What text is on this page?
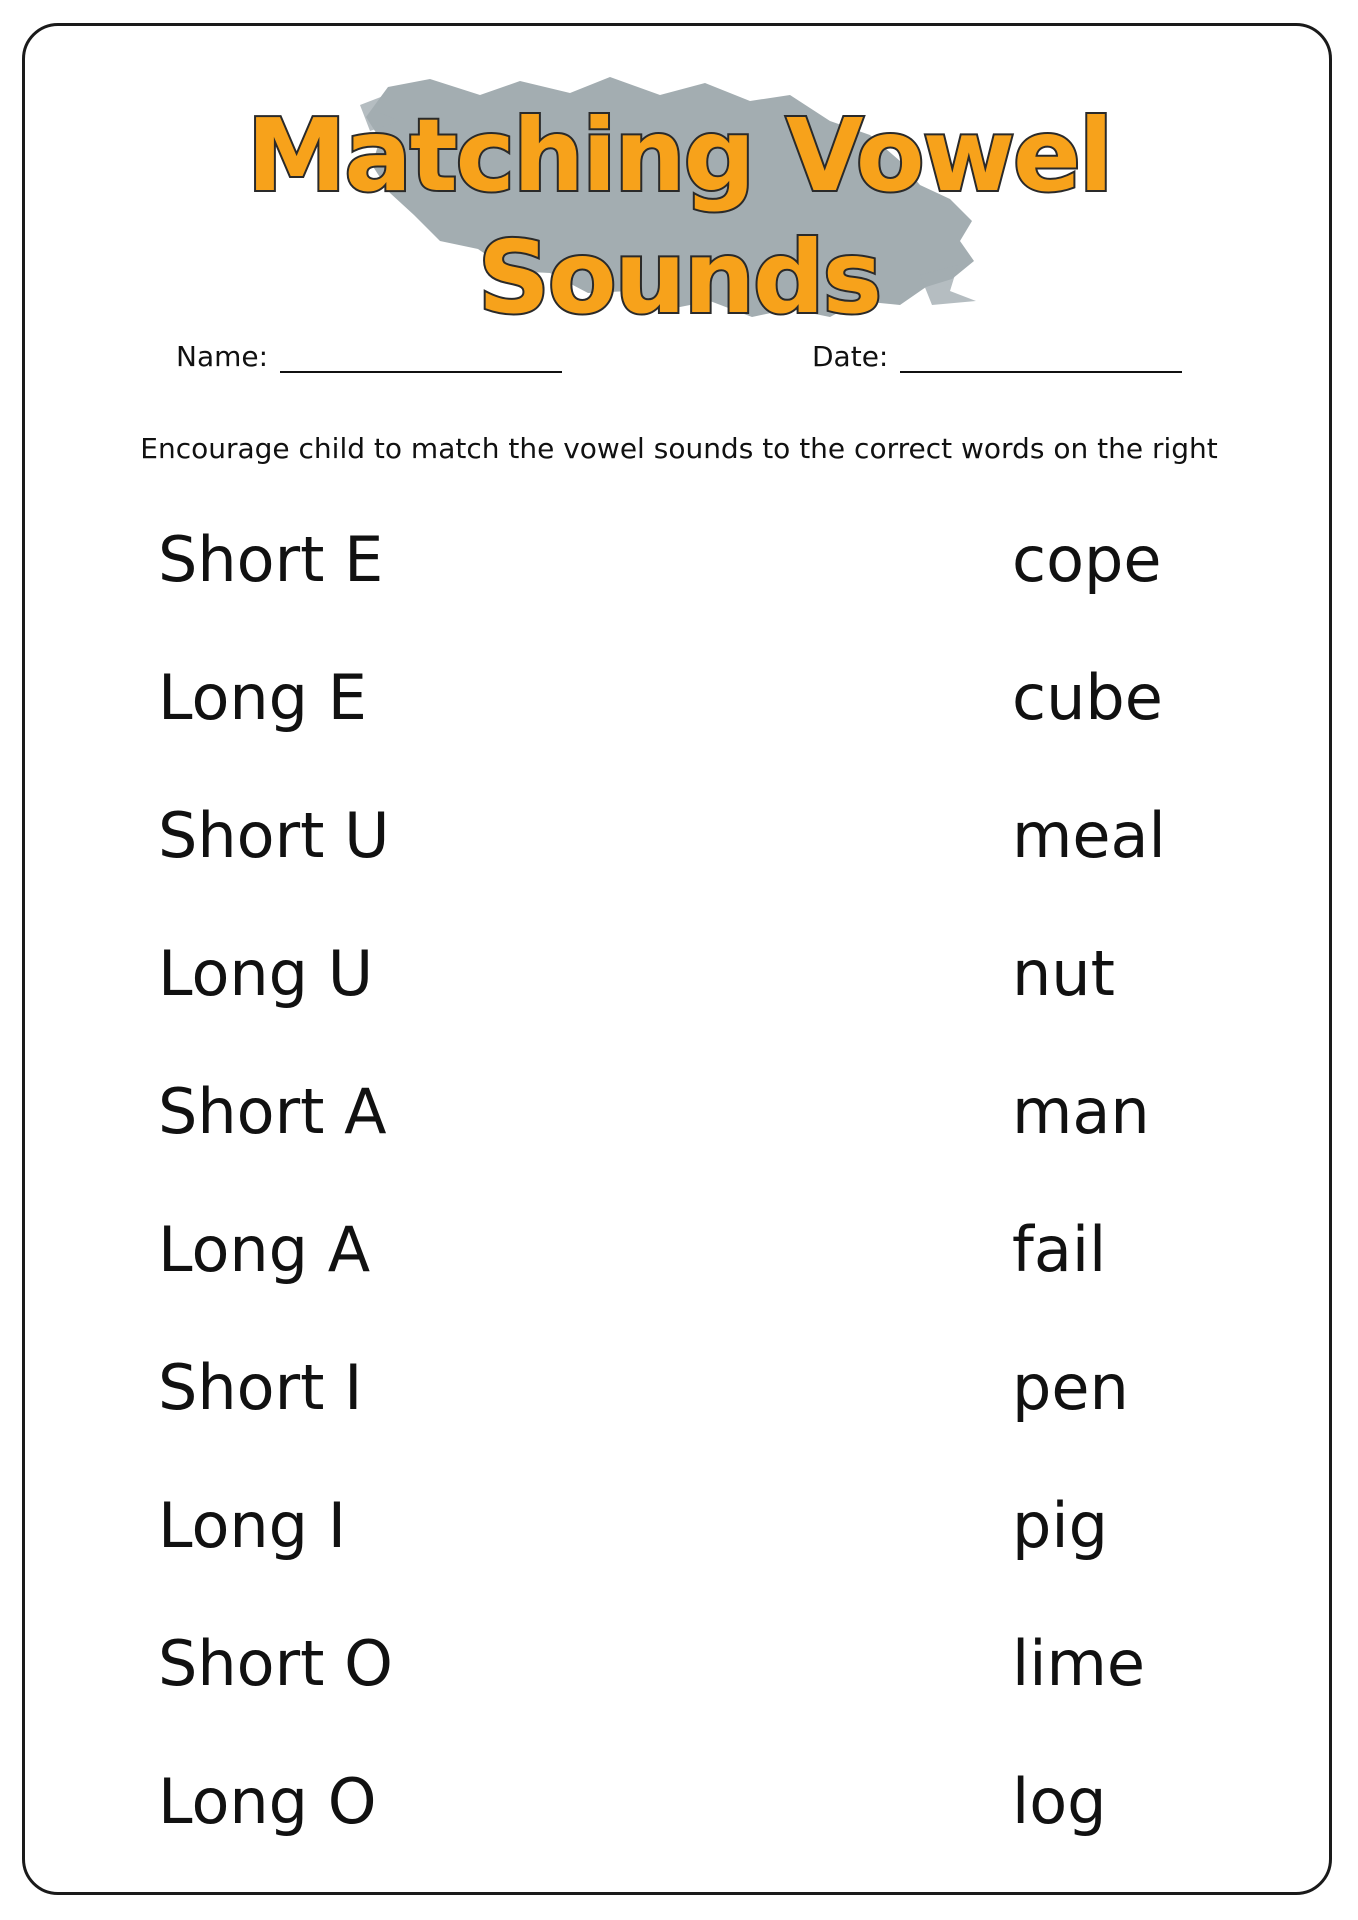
Matching Vowel
Sounds
Name:	Date:
Encourage child to match the vowel sounds to the correct words on the right
Short E	cope
Long E	cube
Short U	meal
Long U	nut
Short A	man
Long A	fail
Short I	pen
Long I	pig
Short O	lime
Long O	log
